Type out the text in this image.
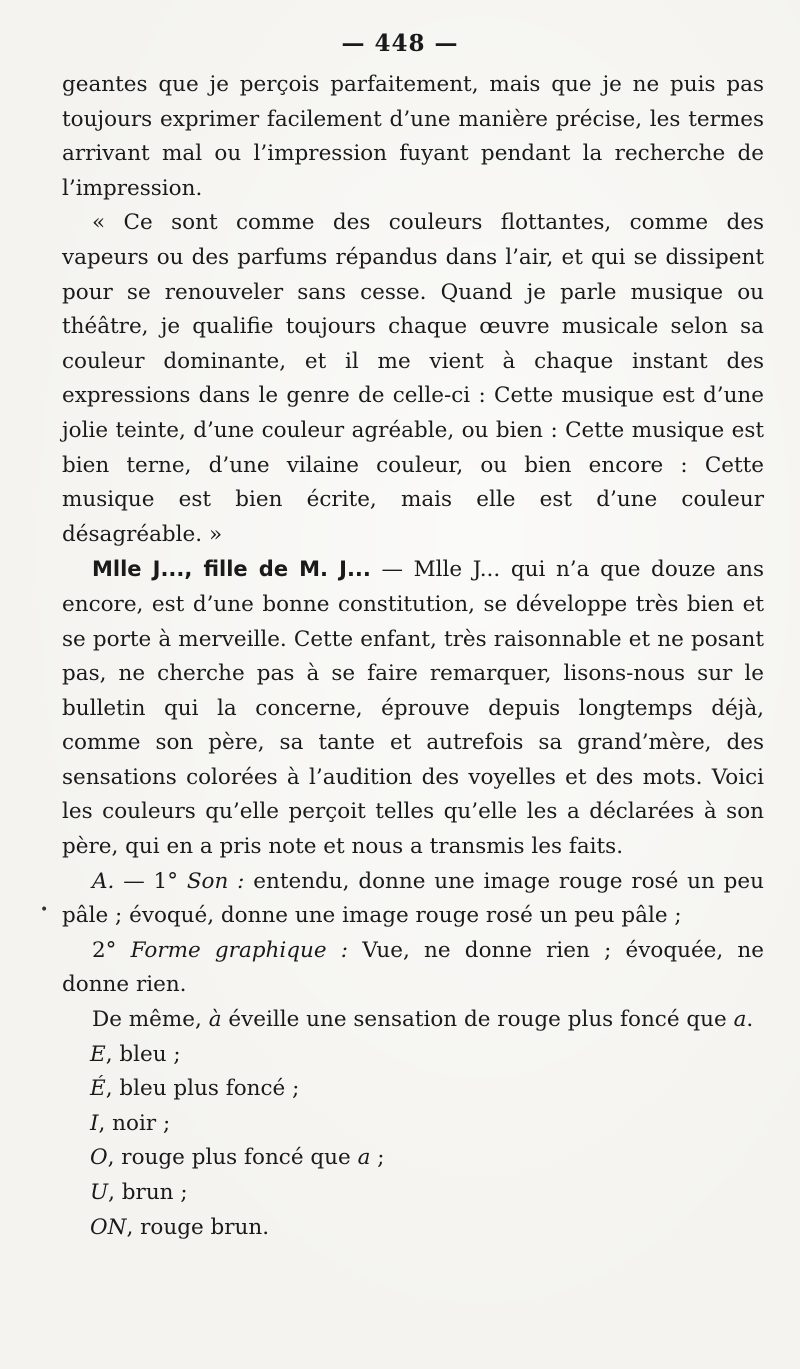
— 448 —

geantes que je perçois parfaitement, mais que je ne puis pas toujours exprimer facilement d’une manière précise, les termes arrivant mal ou l’impression fuyant pendant la recherche de l’impression.

« Ce sont comme des couleurs flottantes, comme des vapeurs ou des parfums répandus dans l’air, et qui se dissipent pour se renouveler sans cesse. Quand je parle musique ou théâtre, je qualifie toujours chaque œuvre musicale selon sa couleur dominante, et il me vient à chaque instant des expressions dans le genre de celle-ci : Cette musique est d’une jolie teinte, d’une couleur agréable, ou bien : Cette musique est bien terne, d’une vilaine couleur, ou bien encore : Cette musique est bien écrite, mais elle est d’une couleur désagréable. »

Mlle J..., fille de M. J... — Mlle J... qui n’a que douze ans encore, est d’une bonne constitution, se développe très bien et se porte à merveille. Cette enfant, très raisonnable et ne posant pas, ne cherche pas à se faire remarquer, lisons-nous sur le bulletin qui la concerne, éprouve depuis longtemps déjà, comme son père, sa tante et autrefois sa grand’mère, des sensations colorées à l’audition des voyelles et des mots. Voici les couleurs qu’elle perçoit telles qu’elle les a déclarées à son père, qui en a pris note et nous a transmis les faits.

A. — 1° Son : entendu, donne une image rouge rosé un peu pâle ; évoqué, donne une image rouge rosé un peu pâle ;

2° Forme graphique : Vue, ne donne rien ; évoquée, ne donne rien.

De même, à éveille une sensation de rouge plus foncé que a.

E, bleu ;

É, bleu plus foncé ;

I, noir ;

O, rouge plus foncé que a ;

U, brun ;

ON, rouge brun.

•
